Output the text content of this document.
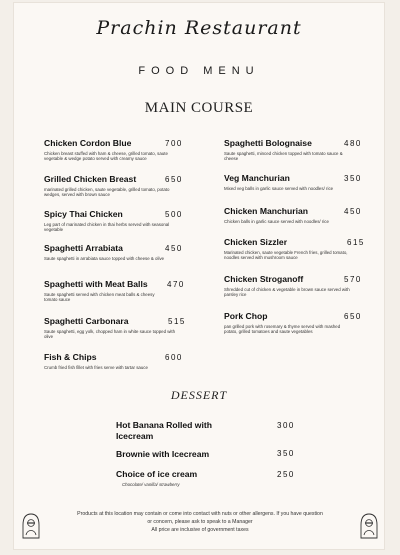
Prachin Restaurant
FOOD MENU
MAIN COURSE
Chicken Cordon Blue
Chicken breast stuffed with ham & cheese, grilled tomato, saute vegetable & wedge potato served with creamy sauce
700
Grilled Chicken Breast
marinated grilled chicken, saute vegetable, grilled tomato, potato wedges, served with brown sauce
650
Spicy Thai Chicken
Leg part of marinated chicken in thai herbs served with seasonal vegetable
500
Spaghetti Arrabiata
Saute spaghetti in arrabiata sauce topped with cheese & olive
450
Spaghetti with Meat Balls
Saute spaghetti served with chicken meat balls & cheesy tomato sauce
470
Spaghetti Carbonara
Saute spaghetti, egg yolk, chopped ham in white sauce topped with olive
515
Fish & Chips
Crumb fried fish fillet with fries serve with tartar sauce
600
Spaghetti Bolognaise
Saute spaghetti, minced chicken topped with tomato sauce & cheese
480
Veg Manchurian
Mixed veg balls in garlic sauce served with noodles/ rice
350
Chicken Manchurian
Chicken balls in garlic sauce served with noodles/ rice
450
Chicken Sizzler
Marinated chicken, saute vegetable French fries, grilled tomato, noodles served with mushroom sauce
615
Chicken Stroganoff
Shredded cut of chicken & vegetable in brown sauce served with parsley rice
570
Pork Chop
pan grilled pork with rosemary & thyme served with mashed potato, grilled tomatoes and saute vegetables
650
DESSERT
Hot Banana Rolled with Icecream
300
Brownie with Icecream	350
Choice of ice cream
Chocolate/ vanilla/ strawberry
250
Products at this location may contain or come into contact with nuts or other allergens. If you have question
or concern, please ask to speak to a Manager
All price are inclusive of government taxes
